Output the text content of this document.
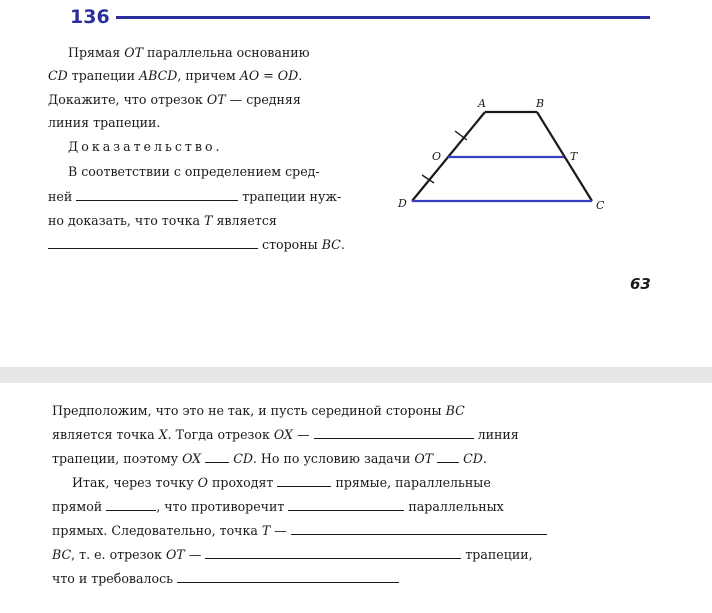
136
Прямая OT параллельна основанию
CD трапеции ABCD, причем AO = OD.
Докажите, что отрезок OT — средняя
линия трапеции.
Доказательство.
В соответствии с определением сред-
ней	трапеции нуж-
но доказать, что точка T является
стороны BC.
A	B
C
D
O	T
63
Предположим, что это не так, и пусть серединой стороны BC
является точка X. Тогда отрезок OX —	линия
трапеции, поэтому OX	CD. Но по условию задачи OT CD.
Итак, через точку O проходят	прямые, параллельные
прямой	, что противоречит	параллельных
прямых. Следовательно, точка T —
BC, т. е. отрезок OT —	трапеции,
что и требовалось
